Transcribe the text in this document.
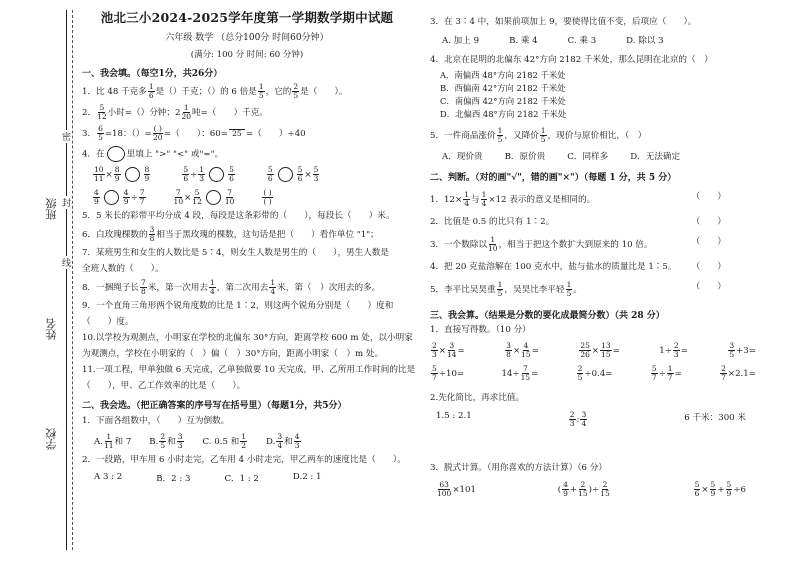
班级
姓名
学校
密
封
线
池北三小2024-2025学年度第一学期数学期中试题
六年级 数学 （总分100分 时间60分钟）
(满分: 100 分 时间: 60 分钟)
一、我会填。（每空1分，共26分）
1．比 48 千克多 $\frac{1}{6}$ 是（）千克；（）的 6 倍是 $\frac{1}{5}$ ，它的 $\frac{2}{5}$ 是（　　）。
2． $\frac{5}{12}$ 小时=（）分钟；$2 \frac{1}{20}$ 吨=（　　）千克。
3． $\frac{6}{5} =18$：（）= $\frac{( )}{20}$ =（　　）：60= 25 =（　　）÷40
4．在	里填上 ">" "<" 或"="。
$\frac{10}{11} \times \frac{8}{9}$	$\frac{8}{9}$	$\frac{5}{6} \div \frac{1}{3}$	$\frac{5}{6}$	$\frac{5}{6}$	$\frac{5}{6} \times \frac{5}{3}$
$\frac{4}{9}$	$\frac{4}{9} \div \frac{7}{7}$	$\frac{7}{10} \times \frac{5}{12}$	$\frac{7}{10}$	$\frac{( )}{( )}$
5．5 米长的彩带平均分成 4 段，每段是这条彩带的（　　），每段长（　　）米。
6．白玫瑰棵数的 $\frac{3}{8}$ 相当于黑玫瑰的棵数，这句话是把（　　）看作单位 "1"；
7．某班男生和女生的人数比是 5∶4，则女生人数是男生的（　　），男生人数是
全班人数的（　　）。
8．一捆绳子长 $\frac{7}{8}$ 米，第一次用去 $\frac{1}{4}$ ，第二次用去 $\frac{1}{4}$ 米，第（　）次用去的多。
9．一个直角三角形两个锐角度数的比是 1∶2，则这两个锐角分别是（　　）度和
（　　）度。
10.以学校为观测点，小明家在学校的北偏东 30°方向，距离学校 600 m 处，以小明家
为观测点，学校在小明家的（　）偏（　）30°方向，距离小明家（　）m 处。
11.一项工程，甲单独做 6 天完成，乙单独做要 10 天完成，甲、乙所用工作时间的比是
（　　），甲、乙工作效率的比是（　　）。
二、我会选。（把正确答案的序号写在括号里）（每题1分，共5分）
1．下面各组数中，（　　）互为倒数。
A. $\frac{1}{11}$ 和 7 B. $\frac{2}{5}$ 和 $\frac{3}{3} C$. 0.5 和 $\frac{1}{2} D$. $\frac{3}{4}$ 和 $\frac{4}{3}$
2．一段路，甲车用 6 小时走完，乙车用 4 小时走完，甲乙两车的速度比是（　　）。
A 3 : 2	B．2 : 3	C．1 : 2	D.2 : 1
3．在 3∶4 中，如果前项加上 9，要使得比值不变，后项应（　　）。
A. 加上 9	B. 乘 4	C. 乘 3	D. 除以 3
4．北京在昆明的北偏东 42°方向 2182 千米处，那么昆明在北京的（　）
A．南偏西 48°方向 2182 千米处
B．西偏南 42°方向 2182 千米处
C．南偏西 42°方向 2182 千米处
D．北偏西 48°方向 2182 千米处
5．一件商品涨价 $\frac{1}{5}$ ，又降价 $\frac{1}{5}$ ，现价与原价相比，（　）
A．现价贵	B．原价贵	C．同样多	D．无法确定
二、判断。（对的画"√"，错的画"×"）（每题 1 分，共 5 分）
1．$12\times \frac{1}{4}$ 与 $\frac{1}{4} \times 12$ 表示的意义是相同的。	（　　）
2．比值是 0.5 的比只有 1∶2。	（　　）
3．一个数除以 $\frac{1}{10}$ ，相当于把这个数扩大到原来的 10 倍。	（　　）
4．把 20 克盐溶解在 100 克水中，盐与盐水的质量比是 1∶5。 （　　）
5．李平比吴昊重 $\frac{1}{5}$ ，吴昊比李平轻 $\frac{1}{5}$ 。	（　　）
三、我会算。（结果是分数的要化成最简分数）（共 28 分）
1．直接写得数。（10 分）
$\frac{2}{3} \times \frac{3}{14}$ =	$\frac{3}{8} \times \frac{4}{15}$ =	$\frac{25}{26} \times \frac{13}{15}$ =	$1\div \frac{2}{3}$ =	$\frac{3}{5} +3=$
$\frac{5}{7} \div 10=$	$14\div \frac{7}{15}$ =	$\frac{2}{5} \div 0.4=$	$\frac{5}{7} \div \frac{1}{7}$ =	$\frac{2}{7} \times 2.1=$
2.先化简比，再求比值。
1.5 : 2.1	$\frac{2}{3}$ : $\frac{3}{4}$	6 千米：300 米
3．脱式计算。（用你喜欢的方法计算）（6 分）
$\frac{63}{100} \times 101$	( $\frac{4}{9} + \frac{2}{15}$ )÷ $\frac{2}{15}$	$\frac{5}{6} \times \frac{5}{9} + \frac{5}{9} \div 6$
